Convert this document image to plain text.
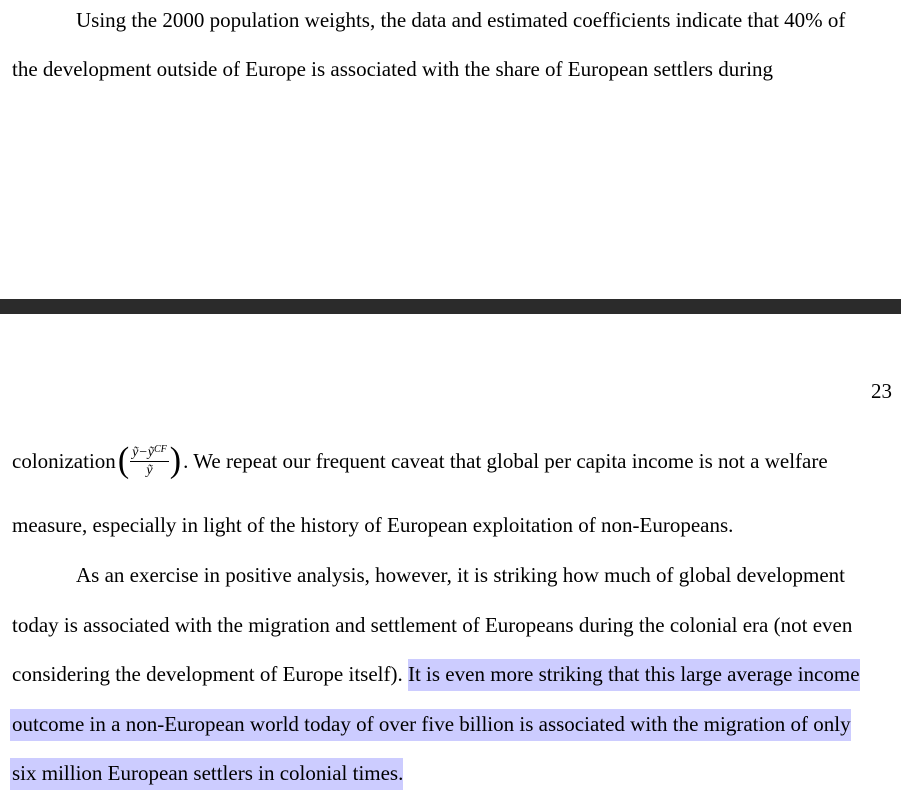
Using the 2000 population weights, the data and estimated coefficients indicate that 40% of
the development outside of Europe is associated with the share of European settlers during
23
colonization ( $\frac{ỹ-ỹ^{CF}}{\text{ỹ}}$ ) . We repeat our frequent caveat that global per capita income is not a welfare
measure, especially in light of the history of European exploitation of non-Europeans.
As an exercise in positive analysis, however, it is striking how much of global development
today is associated with the migration and settlement of Europeans during the colonial era (not even
considering the development of Europe itself). It is even more striking that this large average income
outcome in a non-European world today of over five billion is associated with the migration of only
six million European settlers in colonial times.
